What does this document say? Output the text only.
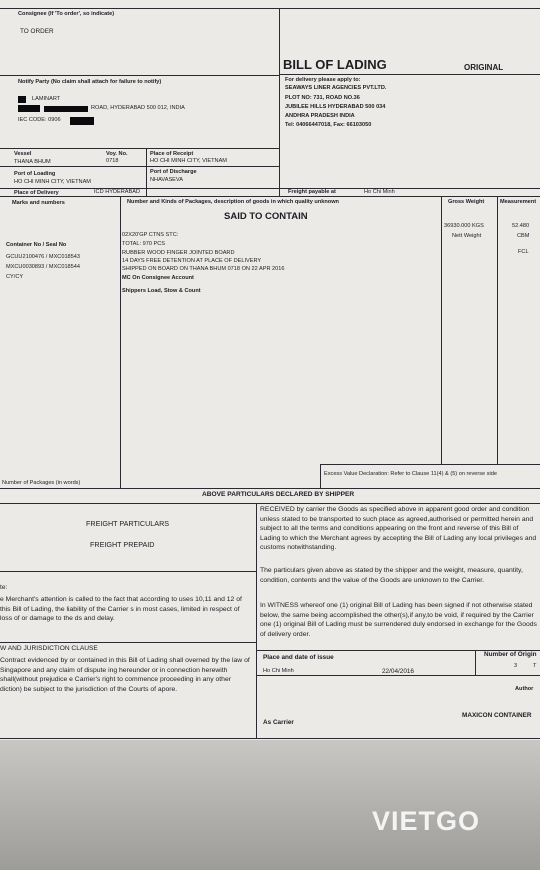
Consignee (If 'To order', so indicate)
TO ORDER
BILL OF LADING	ORIGINAL
For delivery please apply to:
SEAWAYS LINER AGENCIES PVT.LTD.
PLOT NO: 731, ROAD NO.36
JUBILEE HILLS HYDERABAD 500 034
ANDHRA PRADESH INDIA
Tel: 04066447018, Fax: 66103050
Notify Party (No claim shall attach for failure to notify)
LAMINART
ROAD, HYDERABAD 500 012, INDIA
IEC CODE: 0906
Vessel
THANA BHUM
Voy. No.
0718
Place of Receipt
HO CHI MINH CITY, VIETNAM
Port of Loading
HO CHI MINH CITY, VIETNAM
Port of Discharge
NHAVASEVA
Place of Delivery	ICD HYDERABAD	Freight payable at	Ho Chi Minh
Marks and numbers	Number and Kinds of Packages, description of goods in which quality unknown	Gross Weight	Measurement
SAID TO CONTAIN
Container No / Seal No
GCUU2100476 / MXC018543
MXCU0030893 / MXC018544
CY/CY
02X20'GP CTNS STC:
TOTAL: 970 PCS
RUBBER WOOD FINGER JOINTED BOARD
14 DAYS FREE DETENTION AT PLACE OF DELIVERY
SHIPPED ON BOARD ON THANA BHUM 0718 ON 22 APR 2016
MC On Consignee Account
Shippers Load, Stow & Count
36930.000 KGS
Nett Weight
52.480
CBM
FCL
Number of Packages (in words)
Excess Value Declaration: Refer to Clause 11(4) & (5) on reverse side
ABOVE PARTICULARS DECLARED BY SHIPPER
FREIGHT PARTICULARS
FREIGHT PREPAID
te:
e Merchant's attention is called to the fact that according to uses 10,11 and 12 of this Bill of Lading, the liability of the Carrier s in most cases, limited in respect of loss of or damage to the ds and delay.
W AND JURISDICTION CLAUSE
Contract evidenced by or contained in this Bill of Lading shall overned by the law of Singapore and any claim of dispute ing hereunder or in connection herewith shall(without prejudice e Carrier's right to commence proceeding in any other diction) be subject to the jurisdiction of the Courts of apore.
RECEIVED by carrier the Goods as specified above in apparent good order and condition unless stated to be transported to such place as agreed,authorised or permitted herein and subject to all the terms and conditions appearing on the front and reverse of this Bill of Lading to which the Merchant agrees by accepting the Bill of Lading any local privileges and customs notwithstanding.
The particulars given above as stated by the shipper and the weight, measure, quantity, condition, contents and the value of the Goods are unknown to the Carrier.
In WITNESS whereof one (1) original Bill of Lading has been signed if not otherwise stated below, the same being accomplished the other(s),if any,to be void, if required by the Carrier one (1) original Bill of Lading must be surrendered duly endorsed in exchange for the Goods of delivery order.
Place and date of issue
Ho Chi Minh	22/04/2016
Number of Origin
3	T
Author
As Carrier
MAXICON CONTAINER
VIETGO
